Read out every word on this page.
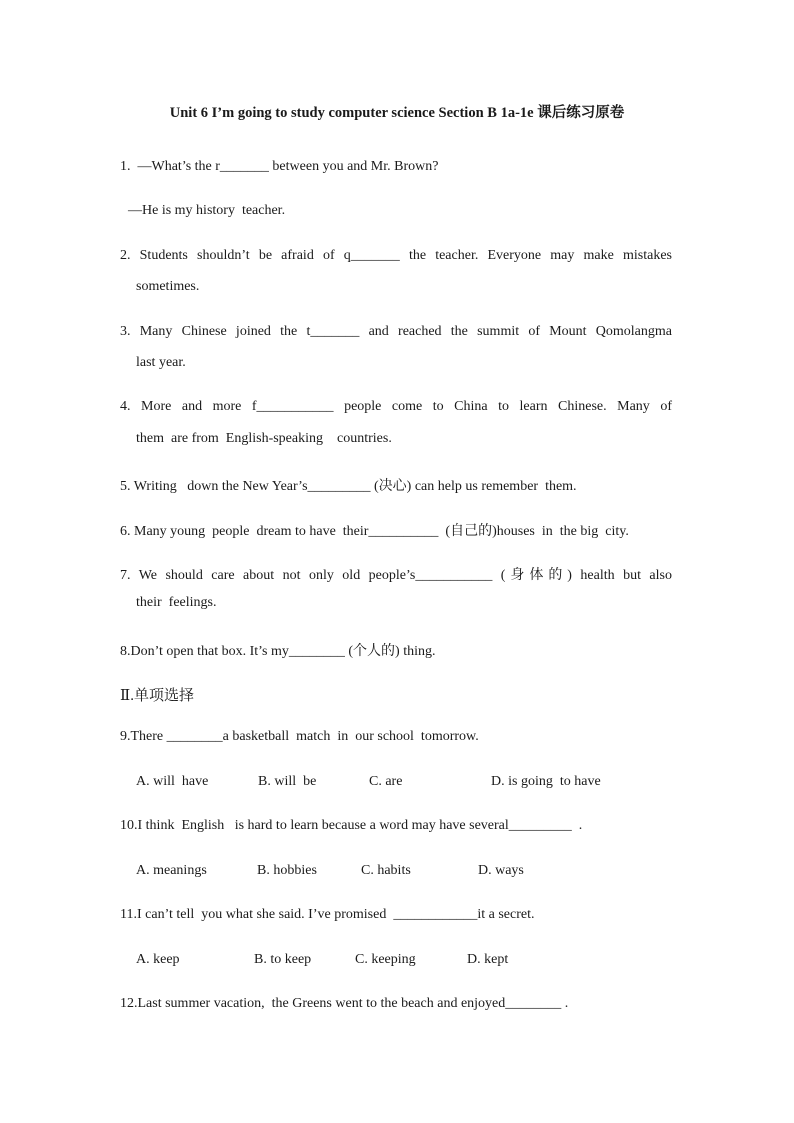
Unit 6 I’m going to study computer science Section B 1a-1e 课后练习原卷
1.  —What’s the r_______ between you and Mr. Brown?
—He is my history  teacher.
2. Students shouldn’t be afraid of q_______ the teacher. Everyone may make mistakes
sometimes.
3. Many Chinese joined the t_______ and reached the summit of Mount Qomolangma
last year.
4. More and more f___________ people come to China to learn Chinese. Many of
them  are from  English-speaking    countries.
5. Writing   down the New Year’s_________ (决心) can help us remember  them.
6. Many young  people  dream to have  their__________  (自己的)houses  in  the big  city.
7. We should care about not only old people’s___________ (身体的) health but also
their  feelings.
8.Don’t open that box. It’s my________ (个人的) thing.
Ⅱ.单项选择
9.There ________a basketball  match  in  our school  tomorrow.
A. will  have	B. will  be	C. are	D. is going  to have
10.I think  English   is hard to learn because a word may have several_________  .
A. meanings	B. hobbies	C. habits	D. ways
11.I can’t tell  you what she said. I’ve promised  ____________it a secret.
A. keep	B. to keep	C. keeping	D. kept
12.Last summer vacation,  the Greens went to the beach and enjoyed________ .
